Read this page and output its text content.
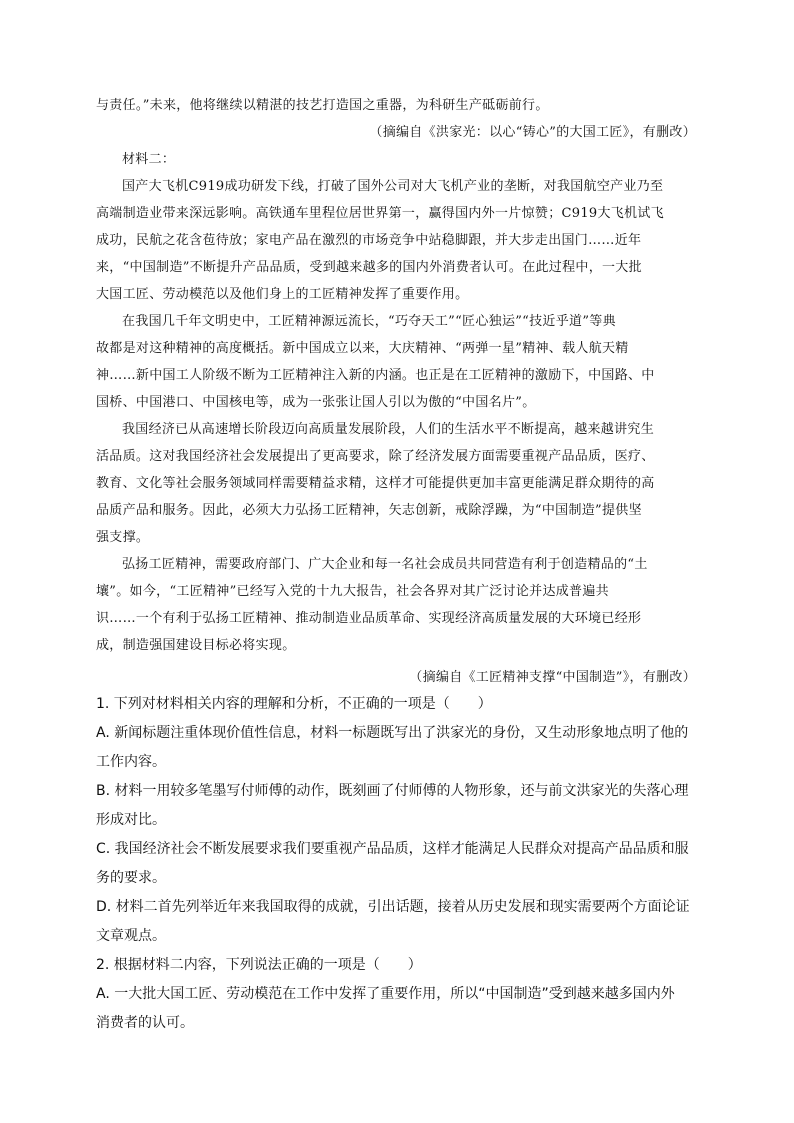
与责任。”未来，他将继续以精湛的技艺打造国之重器，为科研生产砥砺前行。
（摘编自《洪家光：以心“铸心”的大国工匠》，有删改）
材料二：
国产大飞机C919成功研发下线，打破了国外公司对大飞机产业的垄断，对我国航空产业乃至
高端制造业带来深远影响。高铁通车里程位居世界第一，赢得国内外一片惊赞；C919大飞机试飞
成功，民航之花含苞待放；家电产品在激烈的市场竞争中站稳脚跟，并大步走出国门……近年
来，“中国制造”不断提升产品品质，受到越来越多的国内外消费者认可。在此过程中，一大批
大国工匠、劳动模范以及他们身上的工匠精神发挥了重要作用。
在我国几千年文明史中，工匠精神源远流长，“巧夺天工”“匠心独运”“技近乎道”等典
故都是对这种精神的高度概括。新中国成立以来，大庆精神、“两弹一星”精神、载人航天精
神……新中国工人阶级不断为工匠精神注入新的内涵。也正是在工匠精神的激励下，中国路、中
国桥、中国港口、中国核电等，成为一张张让国人引以为傲的“中国名片”。
我国经济已从高速增长阶段迈向高质量发展阶段，人们的生活水平不断提高，越来越讲究生
活品质。这对我国经济社会发展提出了更高要求，除了经济发展方面需要重视产品品质，医疗、
教育、文化等社会服务领域同样需要精益求精，这样才可能提供更加丰富更能满足群众期待的高
品质产品和服务。因此，必须大力弘扬工匠精神，矢志创新，戒除浮躁，为“中国制造”提供坚
强支撑。
弘扬工匠精神，需要政府部门、广大企业和每一名社会成员共同营造有利于创造精品的“土
壤”。如今，“工匠精神”已经写入党的十九大报告，社会各界对其广泛讨论并达成普遍共
识……一个有利于弘扬工匠精神、推动制造业品质革命、实现经济高质量发展的大环境已经形
成，制造强国建设目标必将实现。
（摘编自《工匠精神支撑“中国制造”》，有删改）
1. 下列对材料相关内容的理解和分析，不正确的一项是（　　）
A. 新闻标题注重体现价值性信息，材料一标题既写出了洪家光的身份，又生动形象地点明了他的
工作内容。
B. 材料一用较多笔墨写付师傅的动作，既刻画了付师傅的人物形象，还与前文洪家光的失落心理
形成对比。
C. 我国经济社会不断发展要求我们要重视产品品质，这样才能满足人民群众对提高产品品质和服
务的要求。
D. 材料二首先列举近年来我国取得的成就，引出话题，接着从历史发展和现实需要两个方面论证
文章观点。
2. 根据材料二内容，下列说法正确的一项是（　　）
A. 一大批大国工匠、劳动模范在工作中发挥了重要作用，所以“中国制造”受到越来越多国内外
消费者的认可。
